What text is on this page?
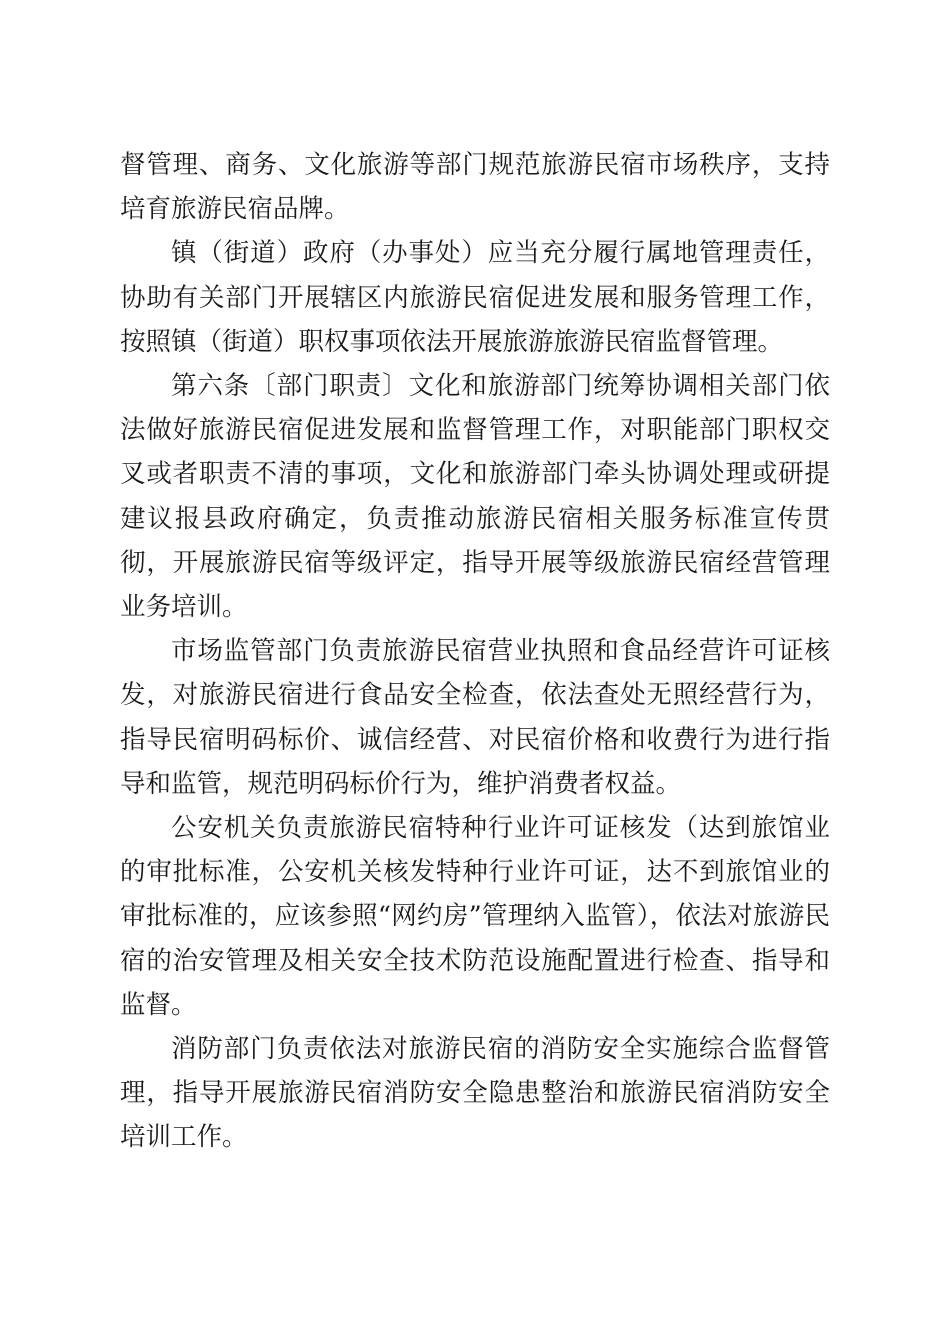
督管理、商务、文化旅游等部门规范旅游民宿市场秩序，支持培育旅游民宿品牌。

镇（街道）政府（办事处）应当充分履行属地管理责任，协助有关部门开展辖区内旅游民宿促进发展和服务管理工作，按照镇（街道）职权事项依法开展旅游旅游民宿监督管理。

第六条〔部门职责〕文化和旅游部门统筹协调相关部门依法做好旅游民宿促进发展和监督管理工作，对职能部门职权交叉或者职责不清的事项，文化和旅游部门牵头协调处理或研提建议报县政府确定，负责推动旅游民宿相关服务标准宣传贯彻，开展旅游民宿等级评定，指导开展等级旅游民宿经营管理业务培训。

市场监管部门负责旅游民宿营业执照和食品经营许可证核发，对旅游民宿进行食品安全检查，依法查处无照经营行为，指导民宿明码标价、诚信经营、对民宿价格和收费行为进行指导和监管，规范明码标价行为，维护消费者权益。

公安机关负责旅游民宿特种行业许可证核发（达到旅馆业的审批标准，公安机关核发特种行业许可证，达不到旅馆业的审批标准的，应该参照“网约房”管理纳入监管），依法对旅游民宿的治安管理及相关安全技术防范设施配置进行检查、指导和监督。

消防部门负责依法对旅游民宿的消防安全实施综合监督管理，指导开展旅游民宿消防安全隐患整治和旅游民宿消防安全培训工作。
